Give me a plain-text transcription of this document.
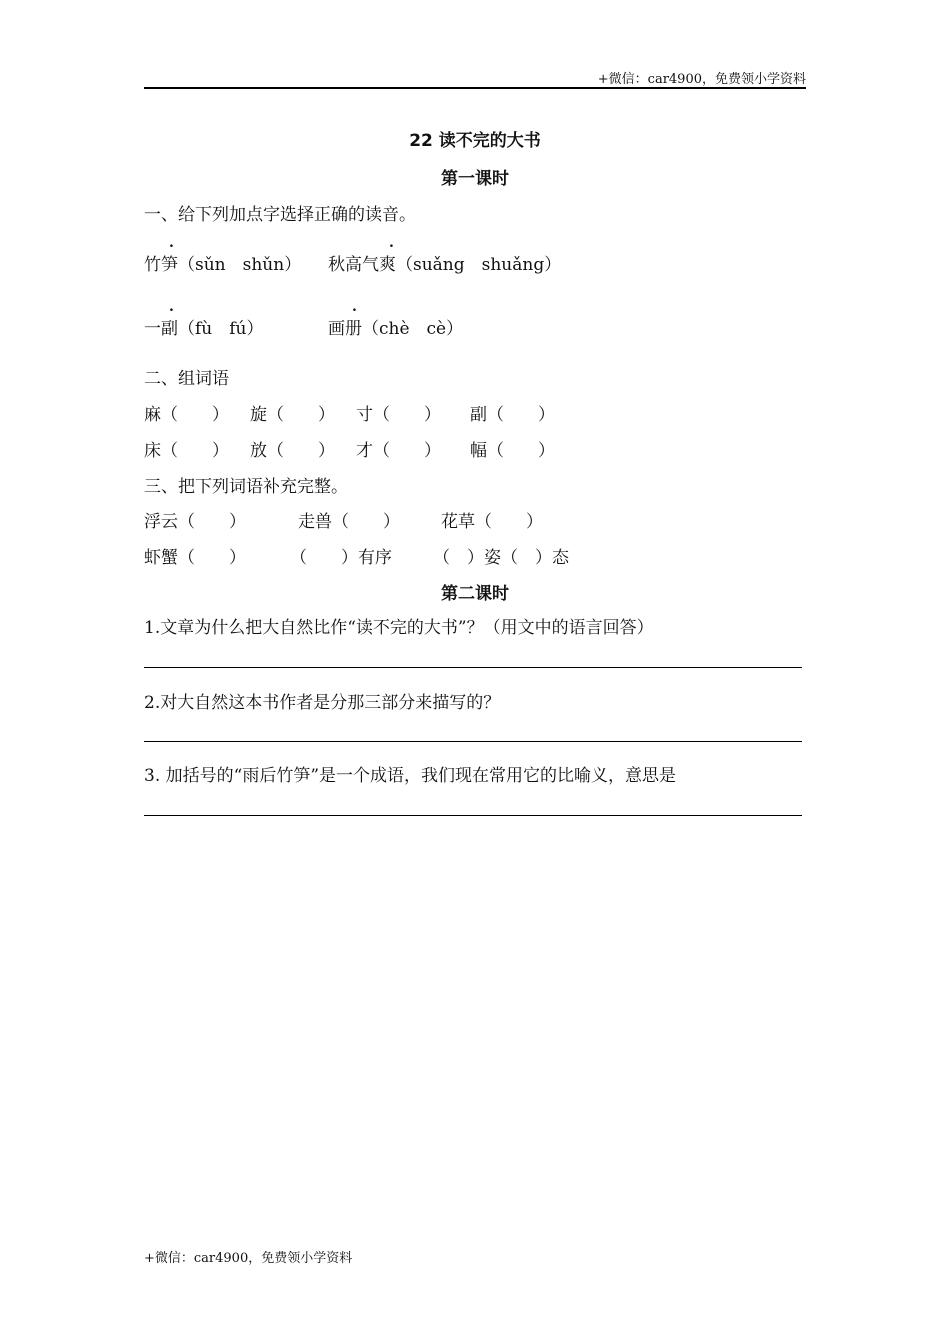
+微信：car4900，免费领小学资料
22 读不完的大书
第一课时
一、给下列加点字选择正确的读音。
.	.
竹笋（sǔn　shǔn） 秋高气爽（suǎng　shuǎng）
.	.
一副（fù　fú）	画册（chè　cè）
二、组词语
麻（　　） 旋（　　） 寸（　　） 副（　　）
床（　　） 放（　　） 才（　　） 幅（　　）
三、把下列词语补充完整。
浮云（　　）	走兽（　　） 花草（　　）
虾蟹（　　）	（　　）有序 （　）姿（　）态
第二课时
1.文章为什么把大自然比作“读不完的大书”？（用文中的语言回答）
2.对大自然这本书作者是分那三部分来描写的？
3. 加括号的“雨后竹笋”是一个成语，我们现在常用它的比喻义，意思是
+微信：car4900，免费领小学资料
